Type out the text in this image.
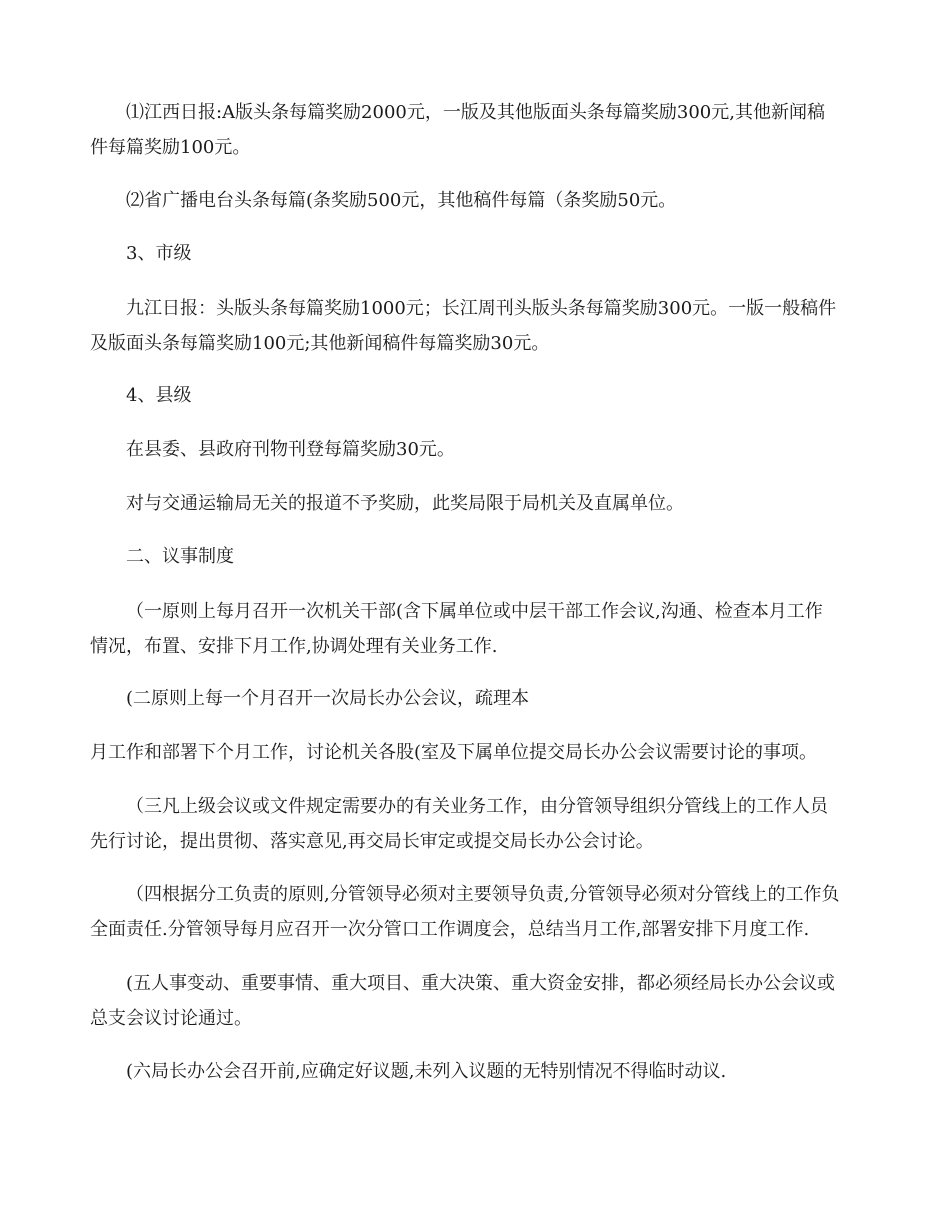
⑴江西日报:A版头条每篇奖励2000元，一版及其他版面头条每篇奖励300元,其他新闻稿
件每篇奖励100元。
⑵省广播电台头条每篇(条奖励500元，其他稿件每篇（条奖励50元。
3、市级
九江日报：头版头条每篇奖励1000元；长江周刊头版头条每篇奖励300元。一版一般稿件
及版面头条每篇奖励100元;其他新闻稿件每篇奖励30元。
4、县级
在县委、县政府刊物刊登每篇奖励30元。
对与交通运输局无关的报道不予奖励，此奖局限于局机关及直属单位。
二、议事制度
（一原则上每月召开一次机关干部(含下属单位或中层干部工作会议,沟通、检查本月工作
情况，布置、安排下月工作,协调处理有关业务工作.
(二原则上每一个月召开一次局长办公会议，疏理本
月工作和部署下个月工作，讨论机关各股(室及下属单位提交局长办公会议需要讨论的事项。
（三凡上级会议或文件规定需要办的有关业务工作，由分管领导组织分管线上的工作人员
先行讨论，提出贯彻、落实意见,再交局长审定或提交局长办公会讨论。
（四根据分工负责的原则,分管领导必须对主要领导负责,分管领导必须对分管线上的工作负
全面责任.分管领导每月应召开一次分管口工作调度会，总结当月工作,部署安排下月度工作.
(五人事变动、重要事情、重大项目、重大决策、重大资金安排，都必须经局长办公会议或
总支会议讨论通过。
(六局长办公会召开前,应确定好议题,未列入议题的无特别情况不得临时动议.
